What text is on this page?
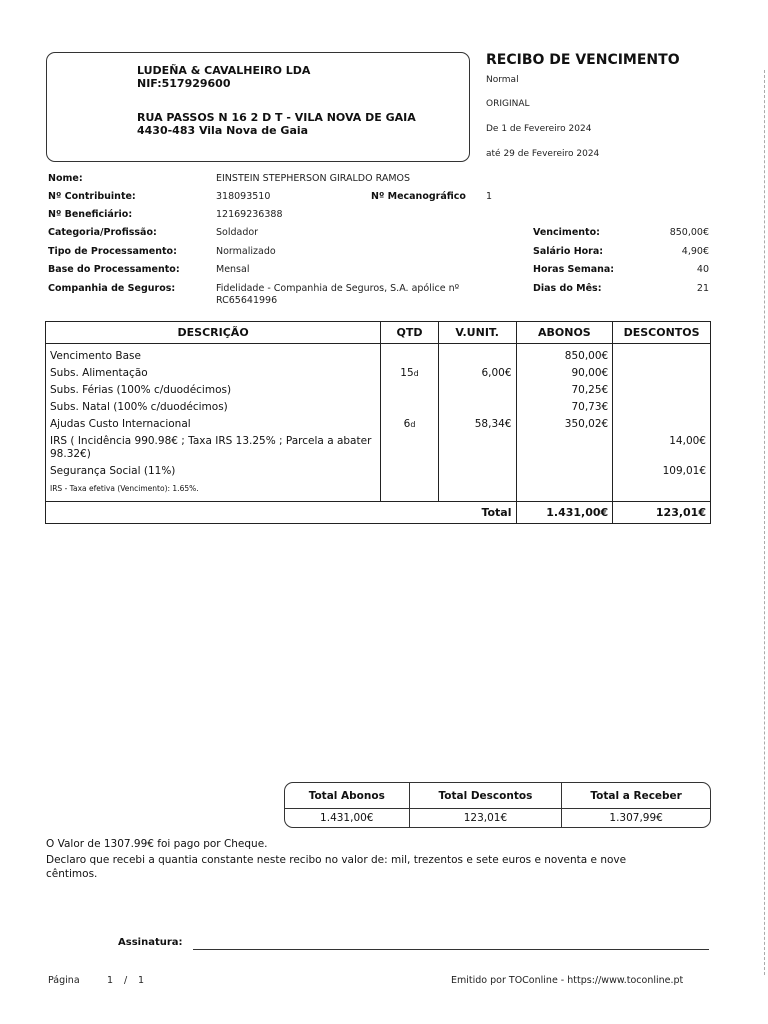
LUDEÑA & CAVALHEIRO LDA
NIF:517929600
RUA PASSOS N 16 2 D T - VILA NOVA DE GAIA
4430-483 Vila Nova de Gaia
RECIBO DE VENCIMENTO
Normal
ORIGINAL
De 1 de Fevereiro 2024
até 29 de Fevereiro 2024
Nome:	EINSTEIN STEPHERSON GIRALDO RAMOS
Nº Contribuinte:	318093510	Nº Mecanográfico 1
Nº Beneficiário:	12169236388
Categoria/Profissão:	Soldador
Tipo de Processamento:	Normalizado
Base do Processamento:	Mensal
Companhia de Seguros:	Fidelidade - Companhia de Seguros, S.A. apólice nº
RC65641996
Vencimento:	850,00€
Salário Hora:	4,90€
Horas Semana:	40
Dias do Mês:	21
DESCRIÇÃO	QTD	V.UNIT.	ABONOS	DESCONTOS

Vencimento Base			850,00€	
Subs. Alimentação	15d	6,00€	90,00€	
Subs. Férias (100% c/duodécimos)			70,25€	
Subs. Natal (100% c/duodécimos)			70,73€	
Ajudas Custo Internacional	6d	58,34€	350,02€	
IRS ( Incidência 990.98€ ; Taxa IRS 13.25% ; Parcela a abater 98.32€)				14,00€
Segurança Social (11%)				109,01€
IRS - Taxa efetiva (Vencimento): 1.65%.				
		Total	1.431,00€	123,01€
Total Abonos	Total Descontos	Total a Receber
1.431,00€	123,01€	1.307,99€
O Valor de 1307.99€ foi pago por Cheque.
Declaro que recebi a quantia constante neste recibo no valor de: mil, trezentos e sete euros e noventa e nove
cêntimos.
Assinatura:
Página	1 / 1	Emitido por TOConline - https://www.toconline.pt
